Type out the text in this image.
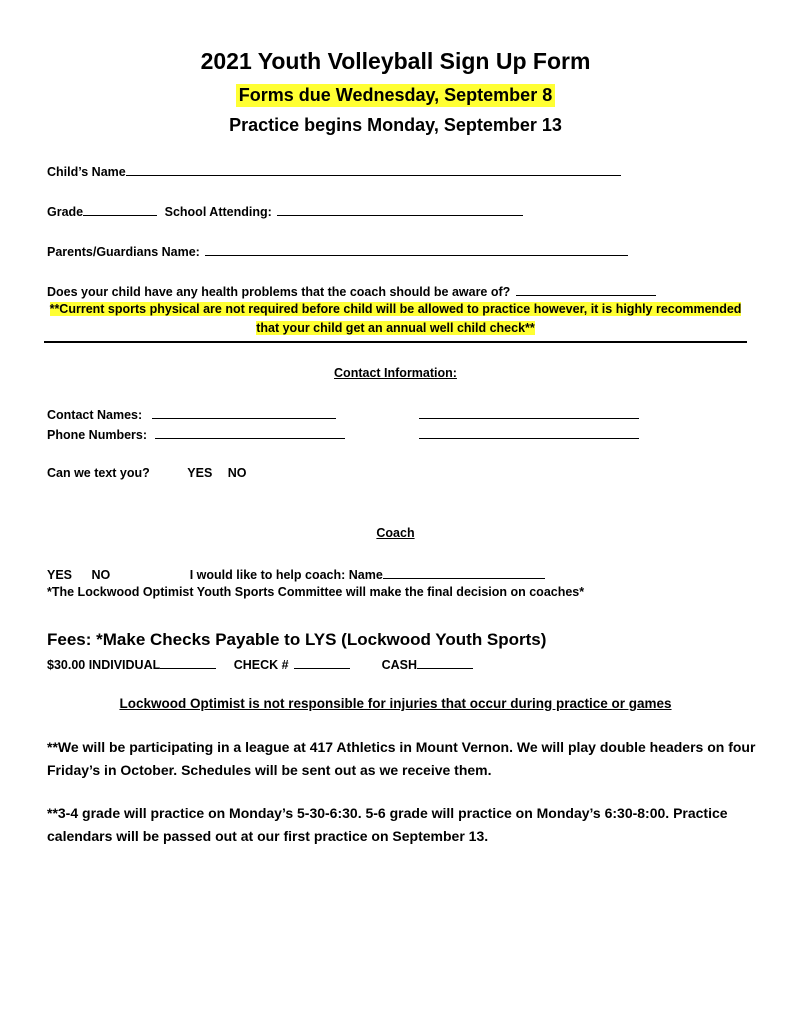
2021 Youth Volleyball Sign Up Form
Forms due Wednesday, September 8
Practice begins Monday, September 13
Child’s Name
Grade	School Attending:
Parents/Guardians Name:
Does your child have any health problems that the coach should be aware of?
**Current sports physical are not required before child will be allowed to practice however, it is highly recommended
that your child get an annual well child check**
Contact Information:
Contact Names:
Phone Numbers:
Can we text you?	YES NO
Coach
YES NO	I would like to help coach: Name
*The Lockwood Optimist Youth Sports Committee will make the final decision on coaches*
Fees: *Make Checks Payable to LYS (Lockwood Youth Sports)
$30.00 INDIVIDUAL	CHECK #	CASH
Lockwood Optimist is not responsible for injuries that occur during practice or games
**We will be participating in a league at 417 Athletics in Mount Vernon. We will play double headers on four Friday’s in October. Schedules will be sent out as we receive them.
**3-4 grade will practice on Monday’s 5-30-6:30. 5-6 grade will practice on Monday’s 6:30-8:00. Practice calendars will be passed out at our first practice on September 13.
